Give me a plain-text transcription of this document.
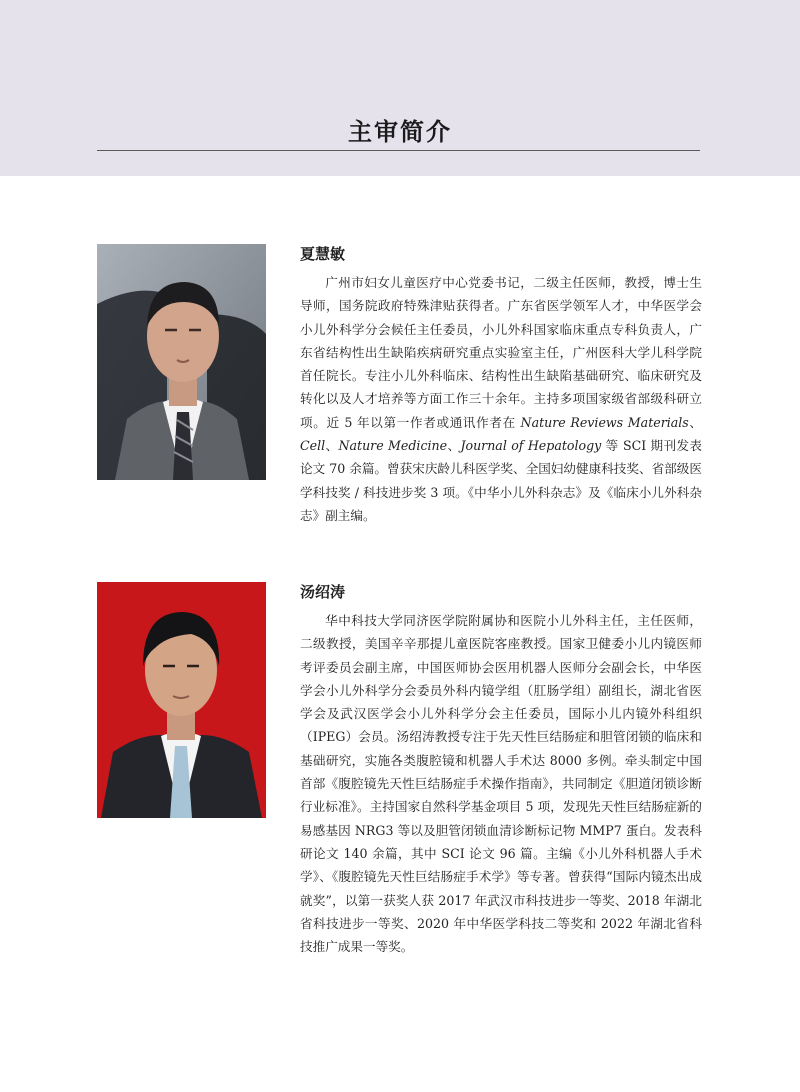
主审简介
夏慧敏

广州市妇女儿童医疗中心党委书记，二级主任医师，教授，博士生导师，国务院政府特殊津贴获得者。广东省医学领军人才，中华医学会小儿外科学分会候任主任委员，小儿外科国家临床重点专科负责人，广东省结构性出生缺陷疾病研究重点实验室主任，广州医科大学儿科学院首任院长。专注小儿外科临床、结构性出生缺陷基础研究、临床研究及转化以及人才培养等方面工作三十余年。主持多项国家级省部级科研立项。近 5 年以第一作者或通讯作者在 Nature Reviews Materials、Cell、Nature Medicine、Journal of Hepatology 等 SCI 期刊发表论文 70 余篇。曾获宋庆龄儿科医学奖、全国妇幼健康科技奖、省部级医学科技奖 / 科技进步奖 3 项。《中华小儿外科杂志》及《临床小儿外科杂志》副主编。

汤绍涛

华中科技大学同济医学院附属协和医院小儿外科主任，主任医师，二级教授，美国辛辛那提儿童医院客座教授。国家卫健委小儿内镜医师考评委员会副主席，中国医师协会医用机器人医师分会副会长，中华医学会小儿外科学分会委员外科内镜学组（肛肠学组）副组长，湖北省医学会及武汉医学会小儿外科学分会主任委员，国际小儿内镜外科组织（IPEG）会员。汤绍涛教授专注于先天性巨结肠症和胆管闭锁的临床和基础研究，实施各类腹腔镜和机器人手术达 8000 多例。牵头制定中国首部《腹腔镜先天性巨结肠症手术操作指南》，共同制定《胆道闭锁诊断行业标准》。主持国家自然科学基金项目 5 项，发现先天性巨结肠症新的易感基因 NRG3 等以及胆管闭锁血清诊断标记物 MMP7 蛋白。发表科研论文 140 余篇，其中 SCI 论文 96 篇。主编《小儿外科机器人手术学》、《腹腔镜先天性巨结肠症手术学》等专著。曾获得“国际内镜杰出成就奖”，以第一获奖人获 2017 年武汉市科技进步一等奖、2018 年湖北省科技进步一等奖、2020 年中华医学科技二等奖和 2022 年湖北省科技推广成果一等奖。
